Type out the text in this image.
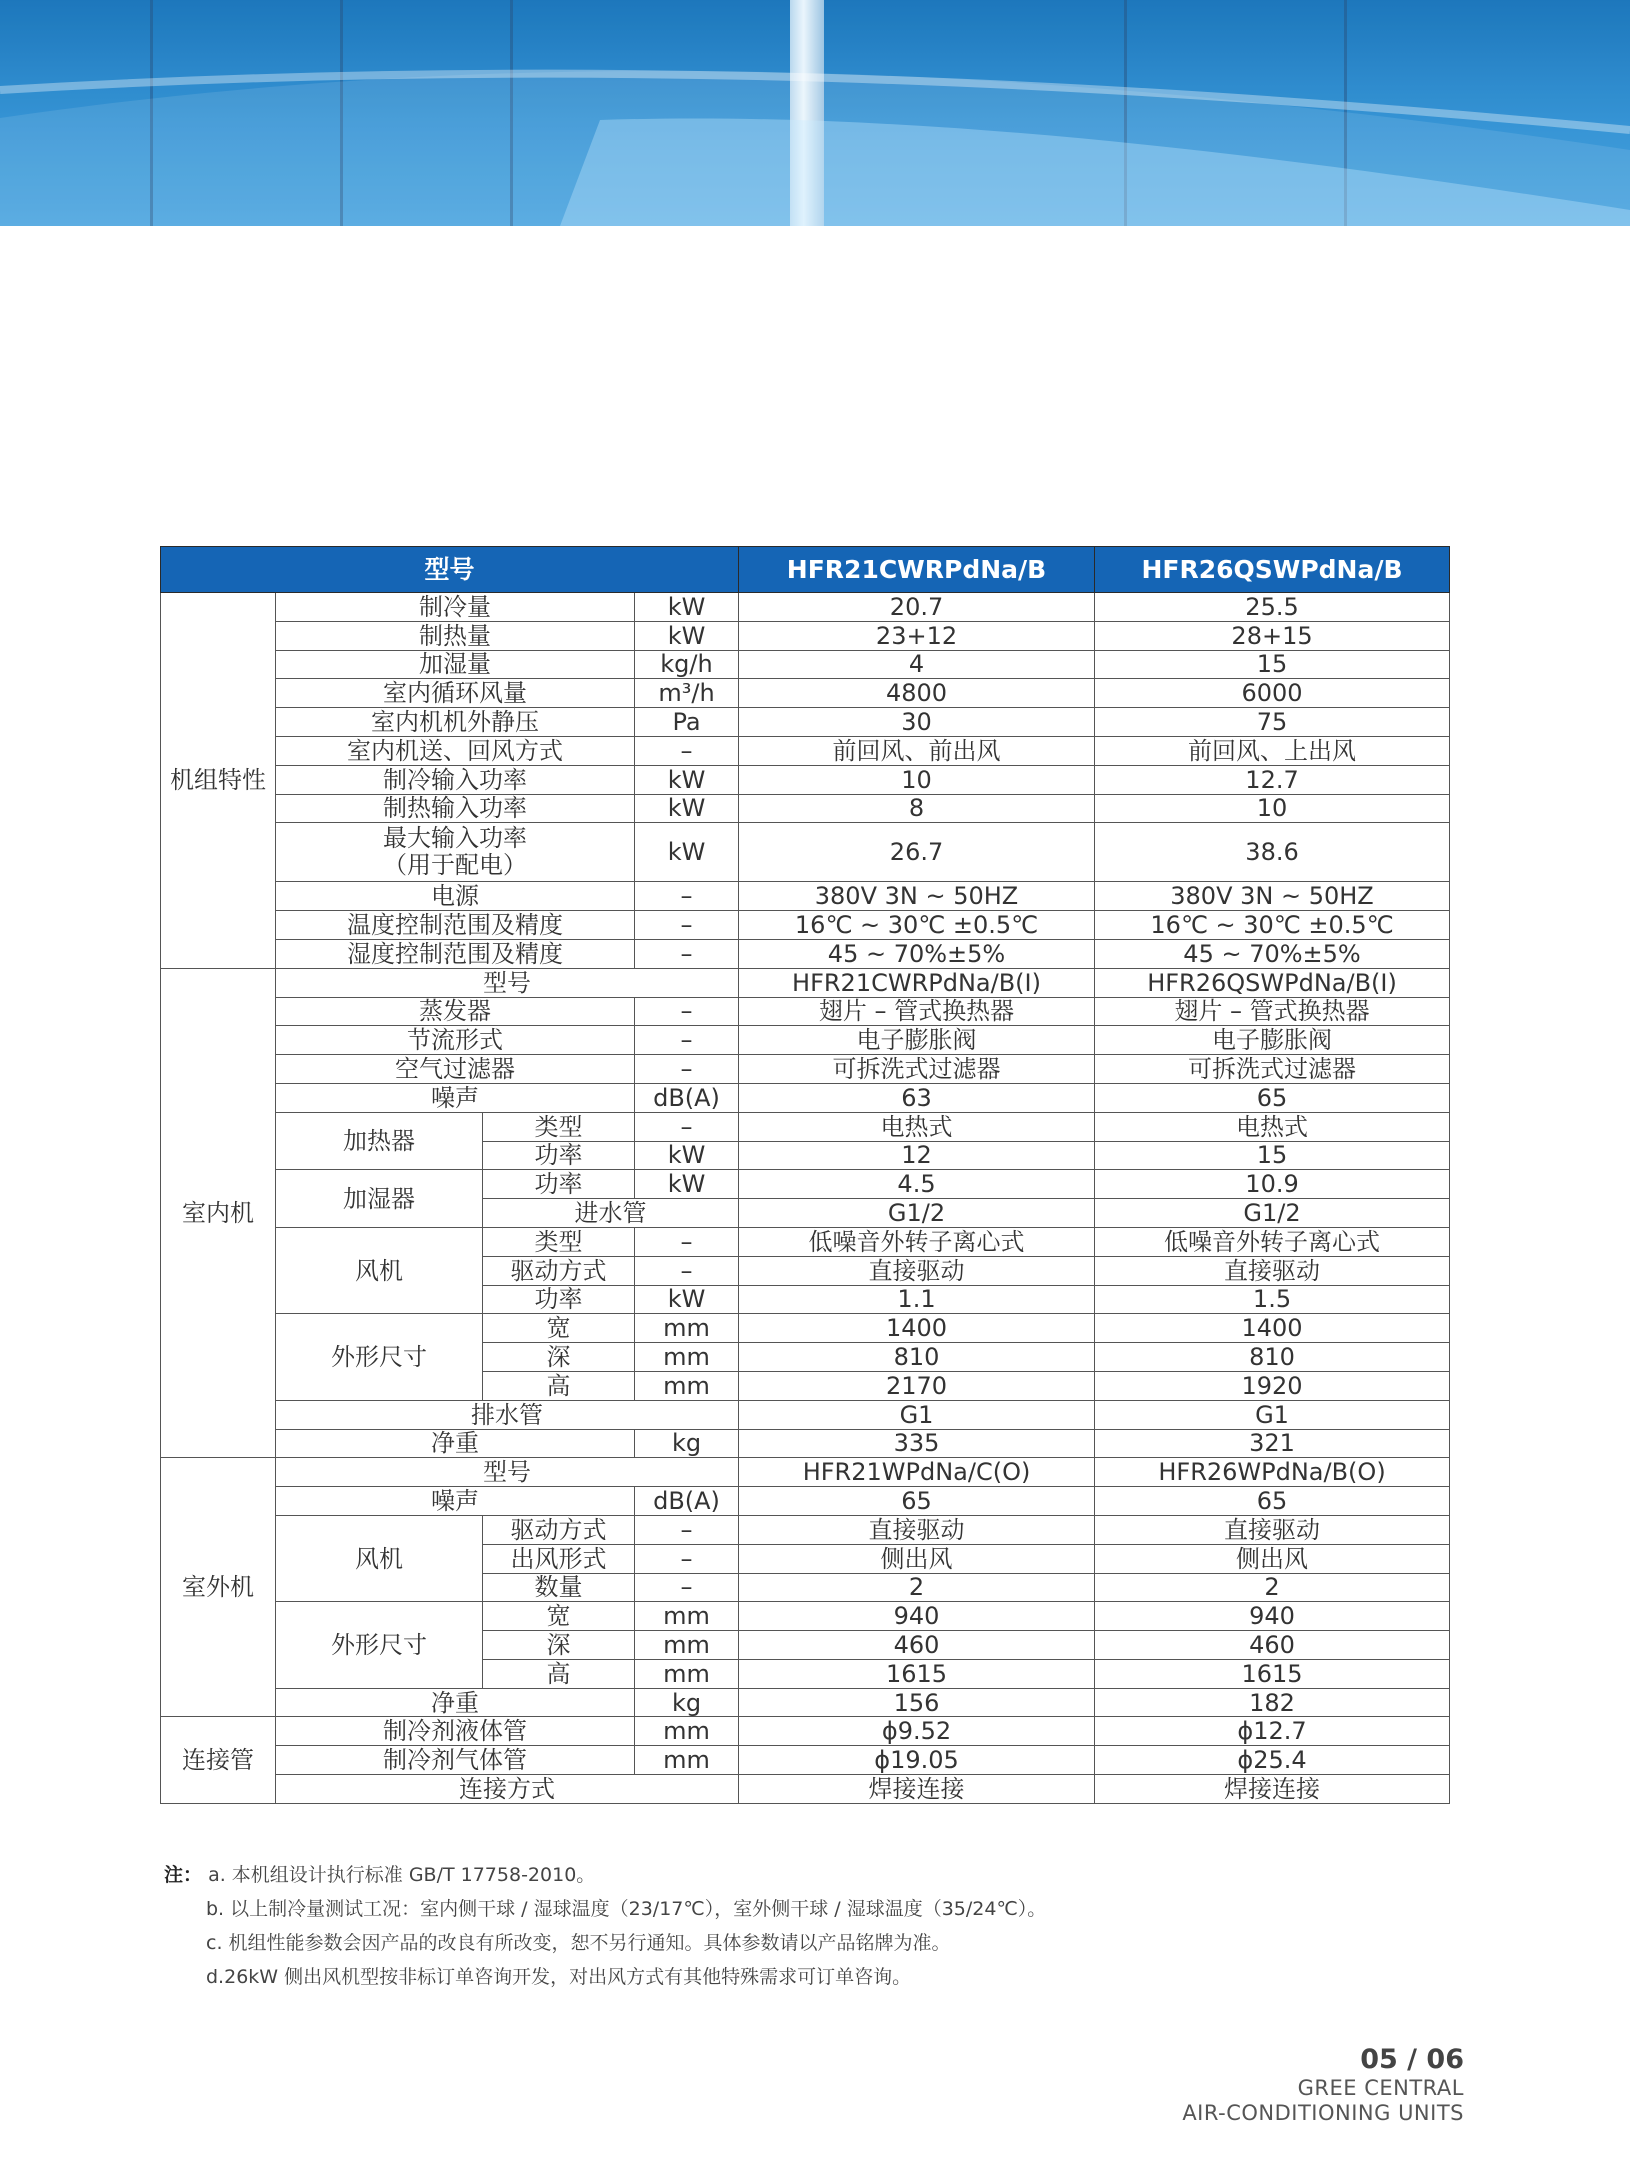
型号				HFR21CWRPdNa/B	HFR26QSWPdNa/B
机组特性	制冷量		kW	20.7	25.5
	制热量		kW	23+12	28+15
	加湿量		kg/h	4	15
	室内循环风量		m³/h	4800	6000
	室内机机外静压		Pa	30	75
	室内机送、回风方式		–	前回风、前出风	前回风、上出风
	制冷输入功率		kW	10	12.7
	制热输入功率		kW	8	10
	最大输入功率
（用于配电）		kW	26.7	38.6
	电源		–	380V 3N ~ 50HZ	380V 3N ~ 50HZ
	温度控制范围及精度		–	16℃ ~ 30℃ ±0.5℃	16℃ ~ 30℃ ±0.5℃
	湿度控制范围及精度		–	45 ~ 70%±5%	45 ~ 70%±5%
室内机	型号			HFR21CWRPdNa/B(I)	HFR26QSWPdNa/B(I)
	蒸发器		–	翅片 – 管式换热器	翅片 – 管式换热器
	节流形式		–	电子膨胀阀	电子膨胀阀
	空气过滤器		–	可拆洗式过滤器	可拆洗式过滤器
	噪声		dB(A)	63	65
	加热器	类型	–	电热式	电热式
		功率	kW	12	15
	加湿器	功率	kW	4.5	10.9
		进水管		G1/2	G1/2
	风机	类型	–	低噪音外转子离心式	低噪音外转子离心式
		驱动方式	–	直接驱动	直接驱动
		功率	kW	1.1	1.5
	外形尺寸	宽	mm	1400	1400
		深	mm	810	810
		高	mm	2170	1920
	排水管			G1	G1
	净重		kg	335	321
室外机	型号			HFR21WPdNa/C(O)	HFR26WPdNa/B(O)
	噪声		dB(A)	65	65
	风机	驱动方式	–	直接驱动	直接驱动
		出风形式	–	侧出风	侧出风
		数量	–	2	2
	外形尺寸	宽	mm	940	940
		深	mm	460	460
		高	mm	1615	1615
	净重		kg	156	182
连接管	制冷剂液体管		mm	ϕ9.52	ϕ12.7
	制冷剂气体管		mm	ϕ19.05	ϕ25.4
	连接方式			焊接连接	焊接连接
注： a. 本机组设计执行标准 GB/T 17758-2010。
b. 以上制冷量测试工况：室内侧干球 / 湿球温度（23/17℃），室外侧干球 / 湿球温度（35/24℃）。
c. 机组性能参数会因产品的改良有所改变，恕不另行通知。具体参数请以产品铭牌为准。
d.26kW 侧出风机型按非标订单咨询开发，对出风方式有其他特殊需求可订单咨询。
05 / 06
GREE CENTRAL
AIR-CONDITIONING UNITS
